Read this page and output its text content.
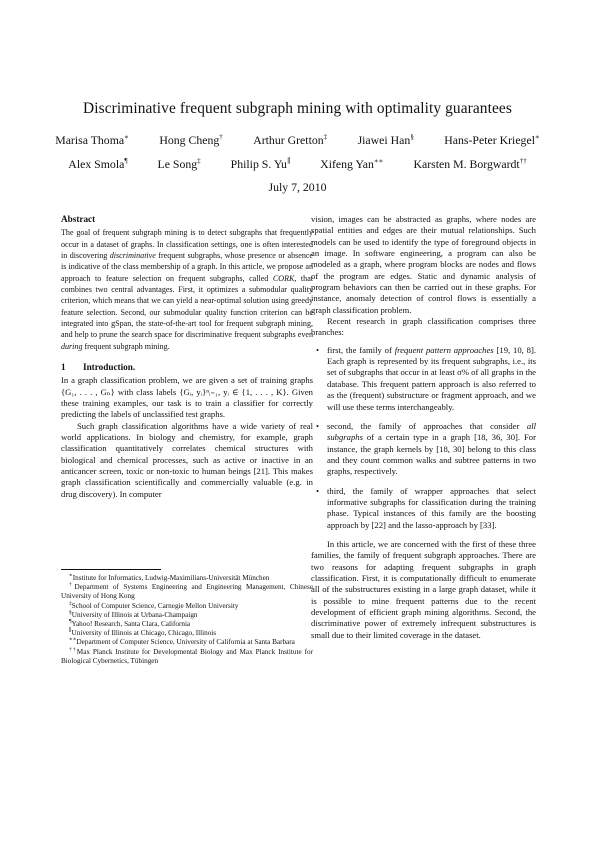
Discriminative frequent subgraph mining with optimality guarantees
Marisa Thoma∗	Hong Cheng†	Arthur Gretton‡	Jiawei Han§	Hans-Peter Kriegel∗
Alex Smola¶	Le Song‡	Philip S. Yu∥	Xifeng Yan∗∗	Karsten M. Borgwardt††
July 7, 2010
Abstract

The goal of frequent subgraph mining is to detect subgraphs that frequently occur in a dataset of graphs. In classification settings, one is often interested in discovering discriminative frequent subgraphs, whose presence or absence is indicative of the class membership of a graph. In this article, we propose an approach to feature selection on frequent subgraphs, called CORK, that combines two central advantages. First, it optimizes a submodular quality criterion, which means that we can yield a near-optimal solution using greedy feature selection. Second, our submodular quality function criterion can be integrated into gSpan, the state-of-the-art tool for frequent subgraph mining, and help to prune the search space for discriminative frequent subgraphs even during frequent subgraph mining.

1 Introduction.

In a graph classification problem, we are given a set of training graphs {G₁, . . . , Gₙ} with class labels {Gᵢ, yᵢ}ⁿᵢ₌₁, yᵢ ∈ {1, . . . , K}. Given these training examples, our task is to train a classifier for correctly predicting the labels of unclassified test graphs.

Such graph classification algorithms have a wide variety of real world applications. In biology and chemistry, for example, graph classification quantitatively correlates chemical structures with biological and chemical processes, such as active or inactive in an anticancer screen, toxic or non-toxic to human beings [21]. This makes graph classification scientifically and commercially valuable (e.g. in drug discovery). In computer

vision, images can be abstracted as graphs, where nodes are spatial entities and edges are their mutual relationships. Such models can be used to identify the type of foreground objects in an image. In software engineering, a program can also be modeled as a graph, where program blocks are nodes and flows of the program are edges. Static and dynamic analysis of program behaviors can then be carried out in these graphs. For instance, anomaly detection of control flows is essentially a graph classification problem.

Recent research in graph classification comprises three branches:

• first, the family of frequent pattern approaches [19, 10, 8]. Each graph is represented by its frequent subgraphs, i.e., its set of subgraphs that occur in at least σ% of all graphs in the database. This frequent pattern approach is also referred to as the (frequent) substructure or fragment approach, and we will use these terms interchangeably.
• second, the family of approaches that consider all subgraphs of a certain type in a graph [18, 36, 30]. For instance, the graph kernels by [18, 30] belong to this class and they count common walks and subtree patterns in two graphs, respectively.
• third, the family of wrapper approaches that select informative subgraphs for classification during the training phase. Typical instances of this family are the boosting approach by [22] and the lasso-approach by [33].

In this article, we are concerned with the first of these three families, the family of frequent subgraph approaches. There are two reasons for adapting frequent subgraphs in graph classification. First, it is computationally difficult to enumerate all of the substructures existing in a large graph dataset, while it is possible to mine frequent patterns due to the recent development of efficient graph mining algorithms. Second, the discriminative power of extremely infrequent substructures is small due to their limited coverage in the dataset.

∗Institute for Informatics, Ludwig-Maximilians-Universität München
†Department of Systems Engineering and Engineering Management, Chinese University of Hong Kong
‡School of Computer Science, Carnegie Mellon University
§University of Illinois at Urbana-Champaign
¶Yahoo! Research, Santa Clara, California
∥University of Illinois at Chicago, Chicago, Illinois
∗∗Department of Computer Science, University of California at Santa Barbara
††Max Planck Institute for Developmental Biology and Max Planck Institute for Biological Cybernetics, Tübingen
